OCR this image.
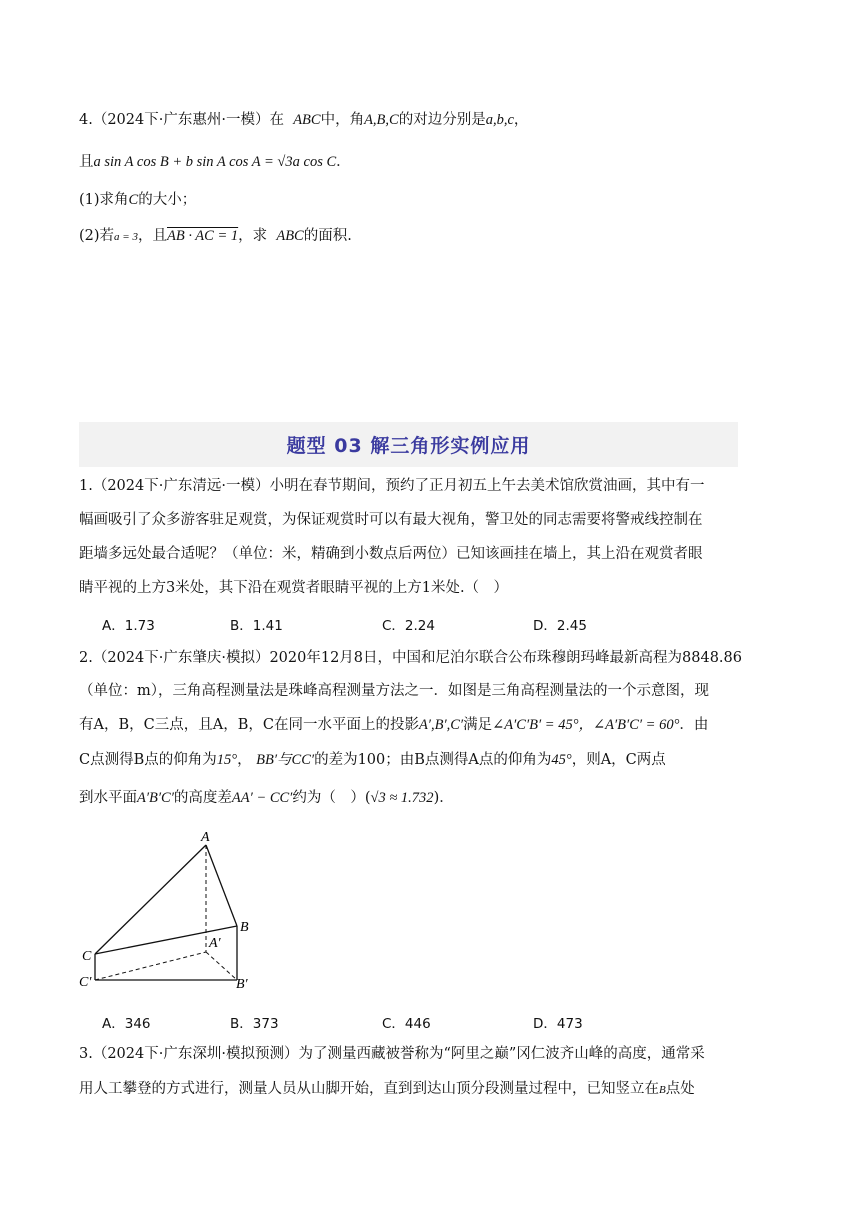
4.（2024下·广东惠州·一模）在 ABC中，角A,B,C的对边分别是a,b,c，
且a sin A cos B + b sin A cos A = √3a cos C．
(1)求角C的大小；
(2)若a = 3，且AB · AC = 1，求 ABC的面积.
题型 03 解三角形实例应用
1.（2024下·广东清远·一模）小明在春节期间，预约了正月初五上午去美术馆欣赏油画，其中有一
幅画吸引了众多游客驻足观赏，为保证观赏时可以有最大视角，警卫处的同志需要将警戒线控制在
距墙多远处最合适呢？（单位：米，精确到小数点后两位）已知该画挂在墙上，其上沿在观赏者眼
睛平视的上方3米处，其下沿在观赏者眼睛平视的上方1米处.（　）
A．1.73	B．1.41	C．2.24	D．2.45
2.（2024下·广东肇庆·模拟）2020年12月8日，中国和尼泊尔联合公布珠穆朗玛峰最新高程为8848.86
（单位：m），三角高程测量法是珠峰高程测量方法之一．如图是三角高程测量法的一个示意图，现
有A，B，C三点，且A，B，C在同一水平面上的投影A′,B′,C′满足∠A′C′B′ = 45°，∠A′B′C′ = 60°．由
C点测得B点的仰角为15°， BB′与CC′的差为100；由B点测得A点的仰角为45°，则A，C两点
到水平面A′B′C′的高度差AA′ − CC′约为（　）(√3 ≈ 1.732)．
A
B
C
A′
B′
C′
A．346	B．373	C．446	D．473
3.（2024下·广东深圳·模拟预测）为了测量西藏被誉称为“阿里之巅”冈仁波齐山峰的高度，通常采
用人工攀登的方式进行，测量人员从山脚开始，直到到达山顶分段测量过程中，已知竖立在B点处
